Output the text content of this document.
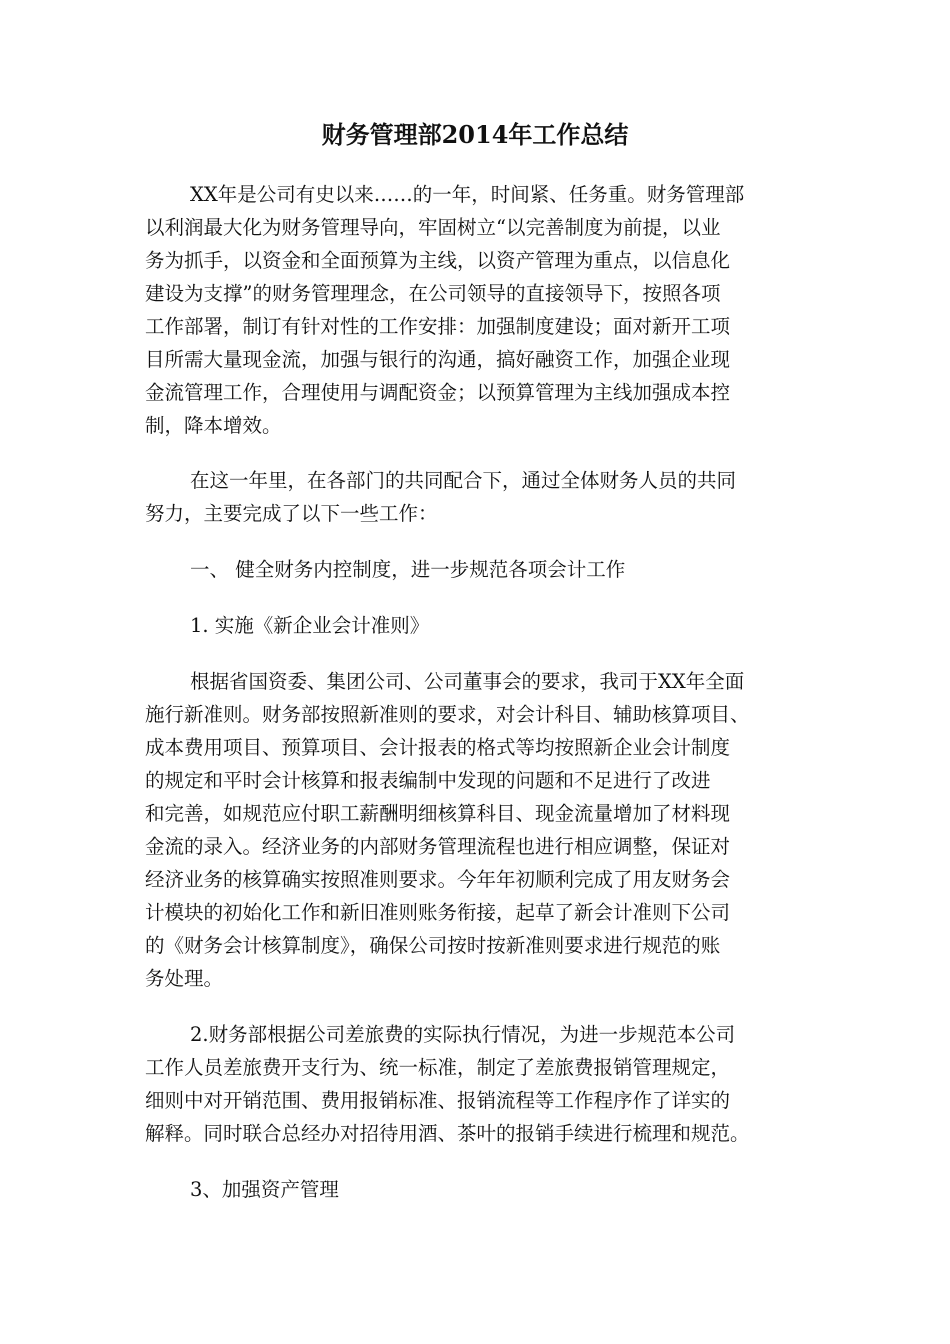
财务管理部2014年工作总结
XX年是公司有史以来……的一年，时间紧、任务重。财务管理部
以利润最大化为财务管理导向，牢固树立“以完善制度为前提，以业
务为抓手，以资金和全面预算为主线，以资产管理为重点，以信息化
建设为支撑”的财务管理理念，在公司领导的直接领导下，按照各项
工作部署，制订有针对性的工作安排：加强制度建设；面对新开工项
目所需大量现金流，加强与银行的沟通，搞好融资工作，加强企业现
金流管理工作，合理使用与调配资金；以预算管理为主线加强成本控
制，降本增效。
在这一年里，在各部门的共同配合下，通过全体财务人员的共同
努力，主要完成了以下一些工作：
一、 健全财务内控制度，进一步规范各项会计工作
1. 实施《新企业会计准则》
根据省国资委、集团公司、公司董事会的要求，我司于XX年全面
施行新准则。财务部按照新准则的要求，对会计科目、辅助核算项目、
成本费用项目、预算项目、会计报表的格式等均按照新企业会计制度
的规定和平时会计核算和报表编制中发现的问题和不足进行了改进
和完善，如规范应付职工薪酬明细核算科目、现金流量增加了材料现
金流的录入。经济业务的内部财务管理流程也进行相应调整，保证对
经济业务的核算确实按照准则要求。今年年初顺利完成了用友财务会
计模块的初始化工作和新旧准则账务衔接，起草了新会计准则下公司
的《财务会计核算制度》，确保公司按时按新准则要求进行规范的账
务处理。
2.财务部根据公司差旅费的实际执行情况，为进一步规范本公司
工作人员差旅费开支行为、统一标准，制定了差旅费报销管理规定，
细则中对开销范围、费用报销标准、报销流程等工作程序作了详实的
解释。同时联合总经办对招待用酒、茶叶的报销手续进行梳理和规范。
3、加强资产管理
